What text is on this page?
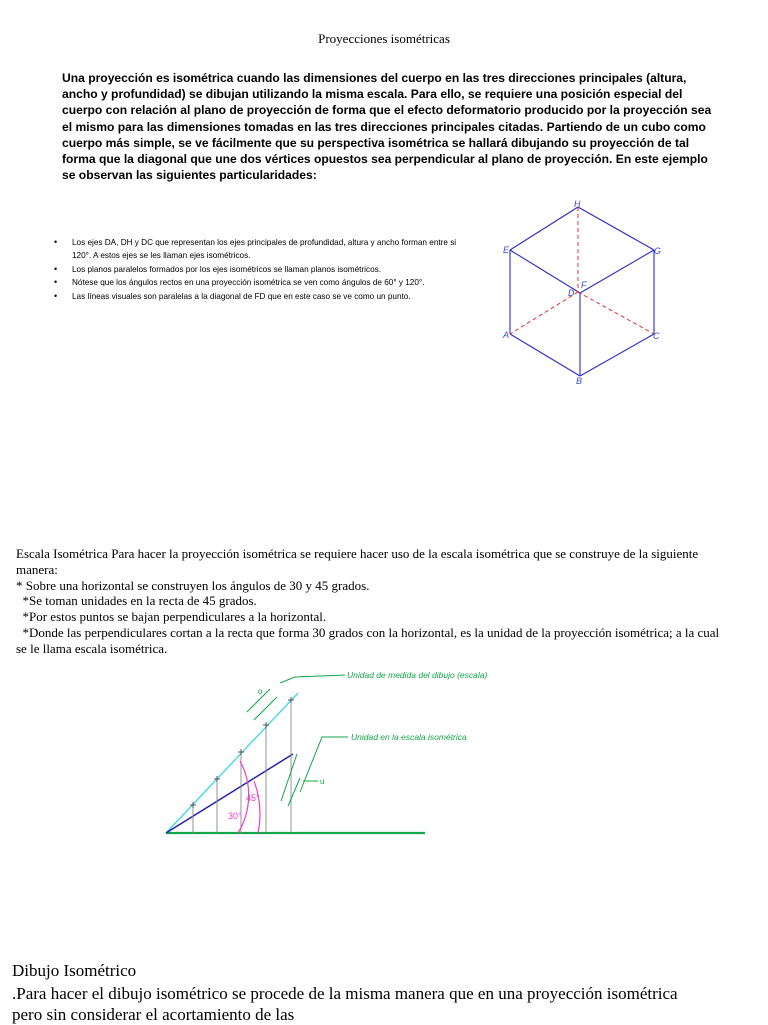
Proyecciones isométricas

Una proyección es isométrica cuando las dimensiones del cuerpo en las tres direcciones principales (altura, ancho y profundidad) se dibujan utilizando la misma escala. Para ello, se requiere una posición especial del cuerpo con relación al plano de proyección de forma que el efecto deformatorio producido por la proyección sea el mismo para las dimensiones tomadas en las tres direcciones principales citadas. Partiendo de un cubo como cuerpo más simple, se ve fácilmente que su perspectiva isométrica se hallará dibujando su proyección de tal forma que la diagonal que une dos vértices opuestos sea perpendicular al plano de proyección. En este ejemplo se observan las siguientes particularidades:

• Los ejes DA, DH y DC que representan los ejes principales de profundidad, altura y ancho forman entre si 120°. A estos ejes se les llaman ejes isométricos.
• Los planos paralelos formados por los ejes isométricos se llaman planos isométricos.
• Nótese que los ángulos rectos en una proyección isométrica se ven como ángulos de 60° y 120°.
• Las líneas visuales son paralelas a la diagonal de FD que en este caso se ve como un punto.
H
E	G
D
F
A	C
B

Escala Isométrica Para hacer la proyección isométrica se requiere hacer uso de la escala isométrica que se construye de la siguiente manera:

* Sobre una horizontal se construyen los ángulos de 30 y 45 grados.

*Se toman unidades en la recta de 45 grados.

*Por estos puntos se bajan perpendiculares a la horizontal.

*Donde las perpendiculares cortan a la recta que forma 30 grados con la horizontal, es la unidad de la proyección isométrica; a la cual se le llama escala isométrica.

Unidad de medida del dibujo (escala)
Unidad en la escala isométrica
o
u
45°
30°
Dibujo Isométrico

.Para hacer el dibujo isométrico se procede de la misma manera que en una proyección isométrica pero sin considerar el acortamiento de las
